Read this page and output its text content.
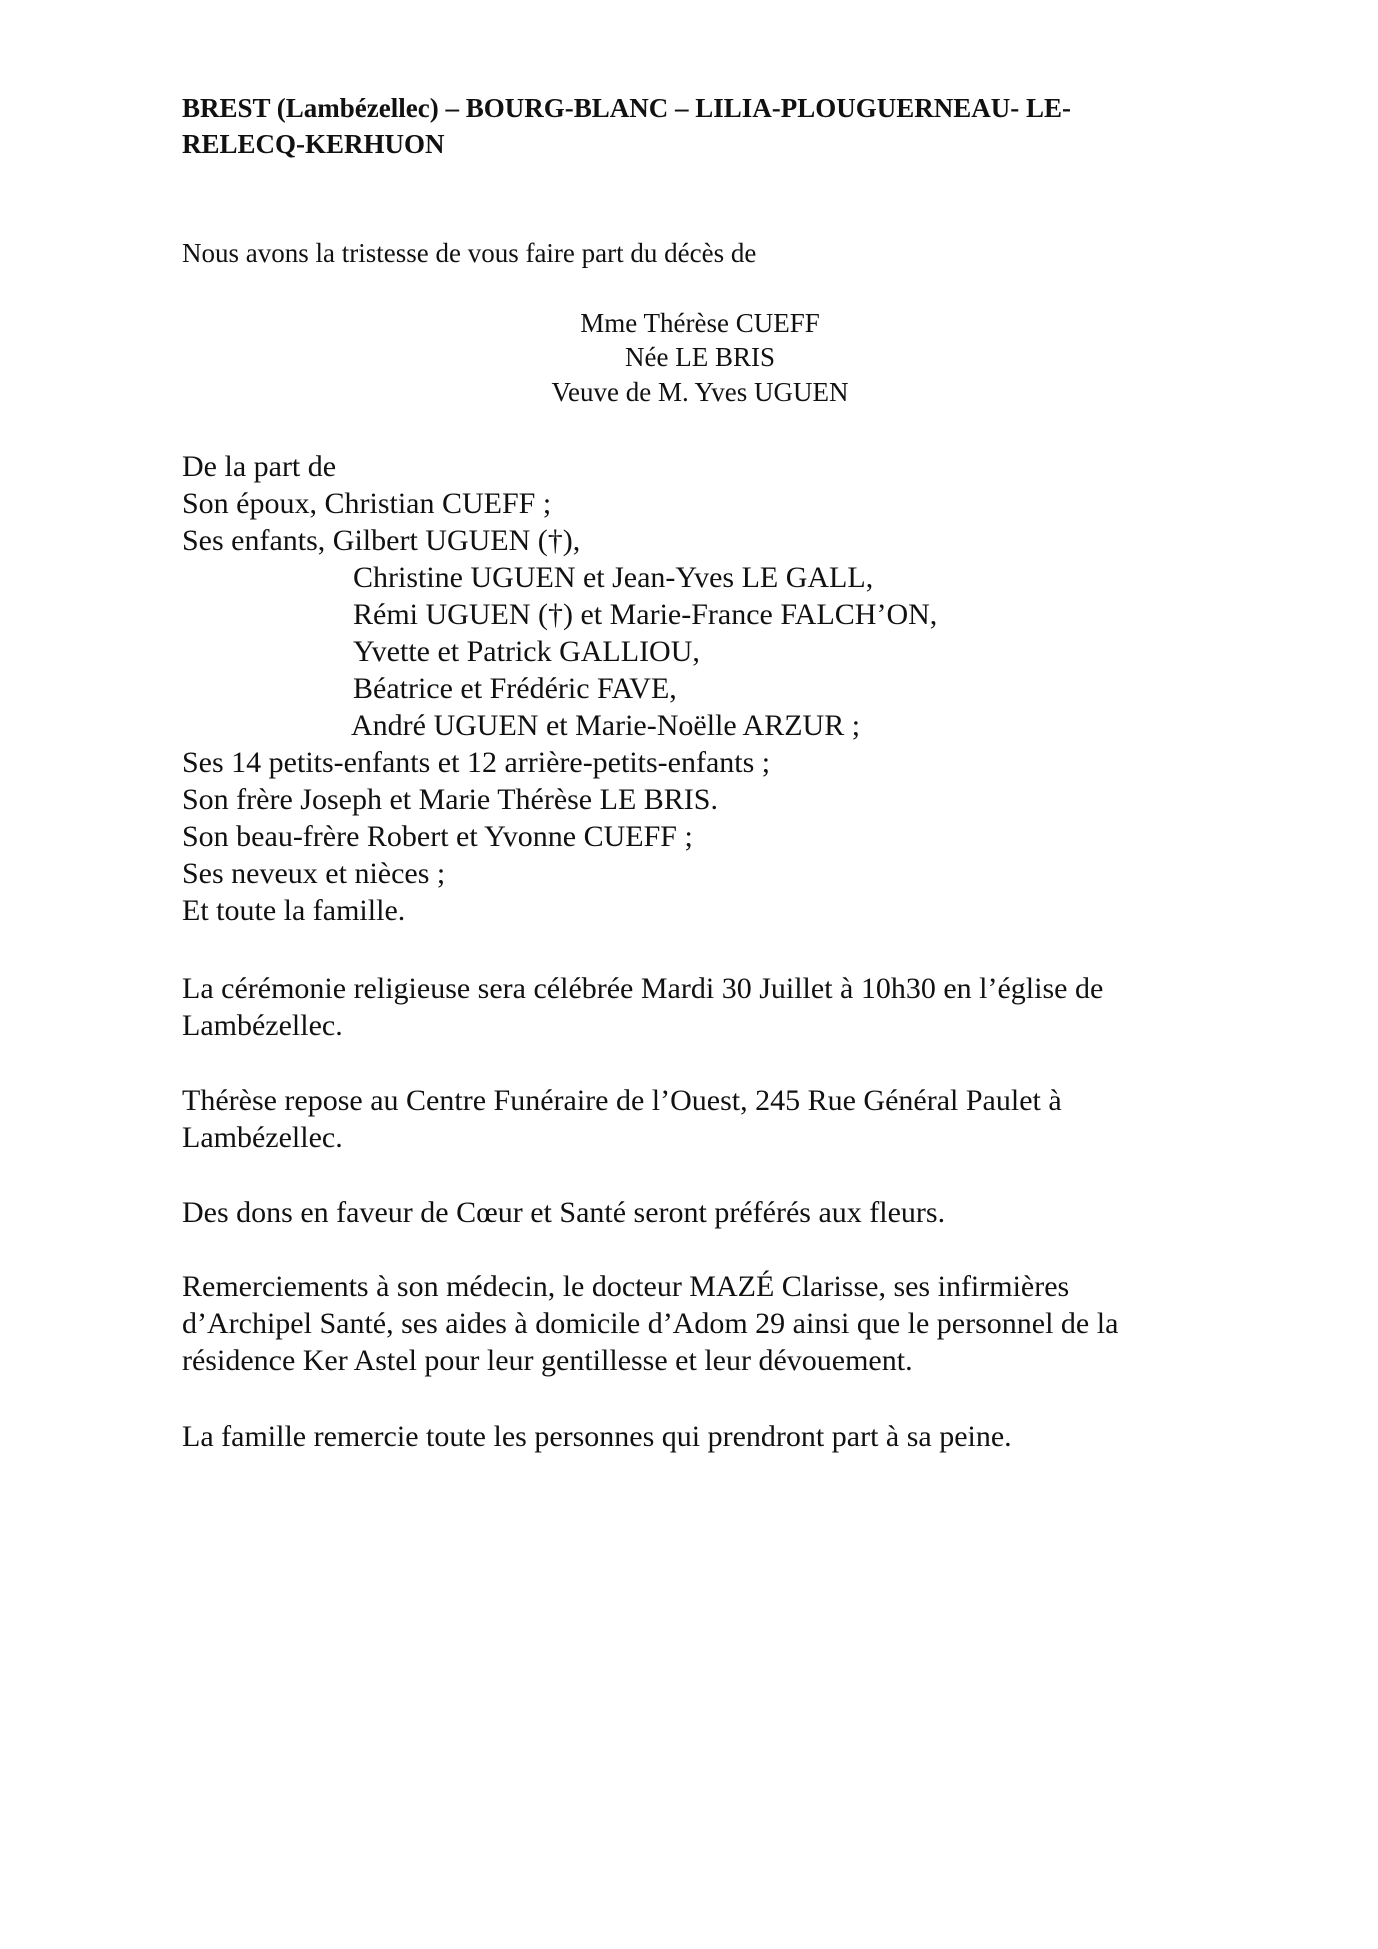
BREST (Lambézellec) – BOURG-BLANC – LILIA-PLOUGUERNEAU- LE-
RELECQ-KERHUON

Nous avons la tristesse de vous faire part du décès de

Mme Thérèse CUEFF

Née LE BRIS

Veuve de M. Yves UGUEN

De la part de

Son époux, Christian CUEFF ;

Ses enfants, Gilbert UGUEN (†),

Christine UGUEN et Jean-Yves LE GALL,

Rémi UGUEN (†) et Marie-France FALCH’ON,

Yvette et Patrick GALLIOU,

Béatrice et Frédéric FAVE,

André UGUEN et Marie-Noëlle ARZUR ;

Ses 14 petits-enfants et 12 arrière-petits-enfants ;

Son frère Joseph et Marie Thérèse LE BRIS.

Son beau-frère Robert et Yvonne CUEFF ;

Ses neveux et nièces ;

Et toute la famille.

La cérémonie religieuse sera célébrée Mardi 30 Juillet à 10h30 en l’église de
Lambézellec.
Thérèse repose au Centre Funéraire de l’Ouest, 245 Rue Général Paulet à
Lambézellec.
Des dons en faveur de Cœur et Santé seront préférés aux fleurs.
Remerciements à son médecin, le docteur MAZÉ Clarisse, ses infirmières
d’Archipel Santé, ses aides à domicile d’Adom 29 ainsi que le personnel de la
résidence Ker Astel pour leur gentillesse et leur dévouement.
La famille remercie toute les personnes qui prendront part à sa peine.
